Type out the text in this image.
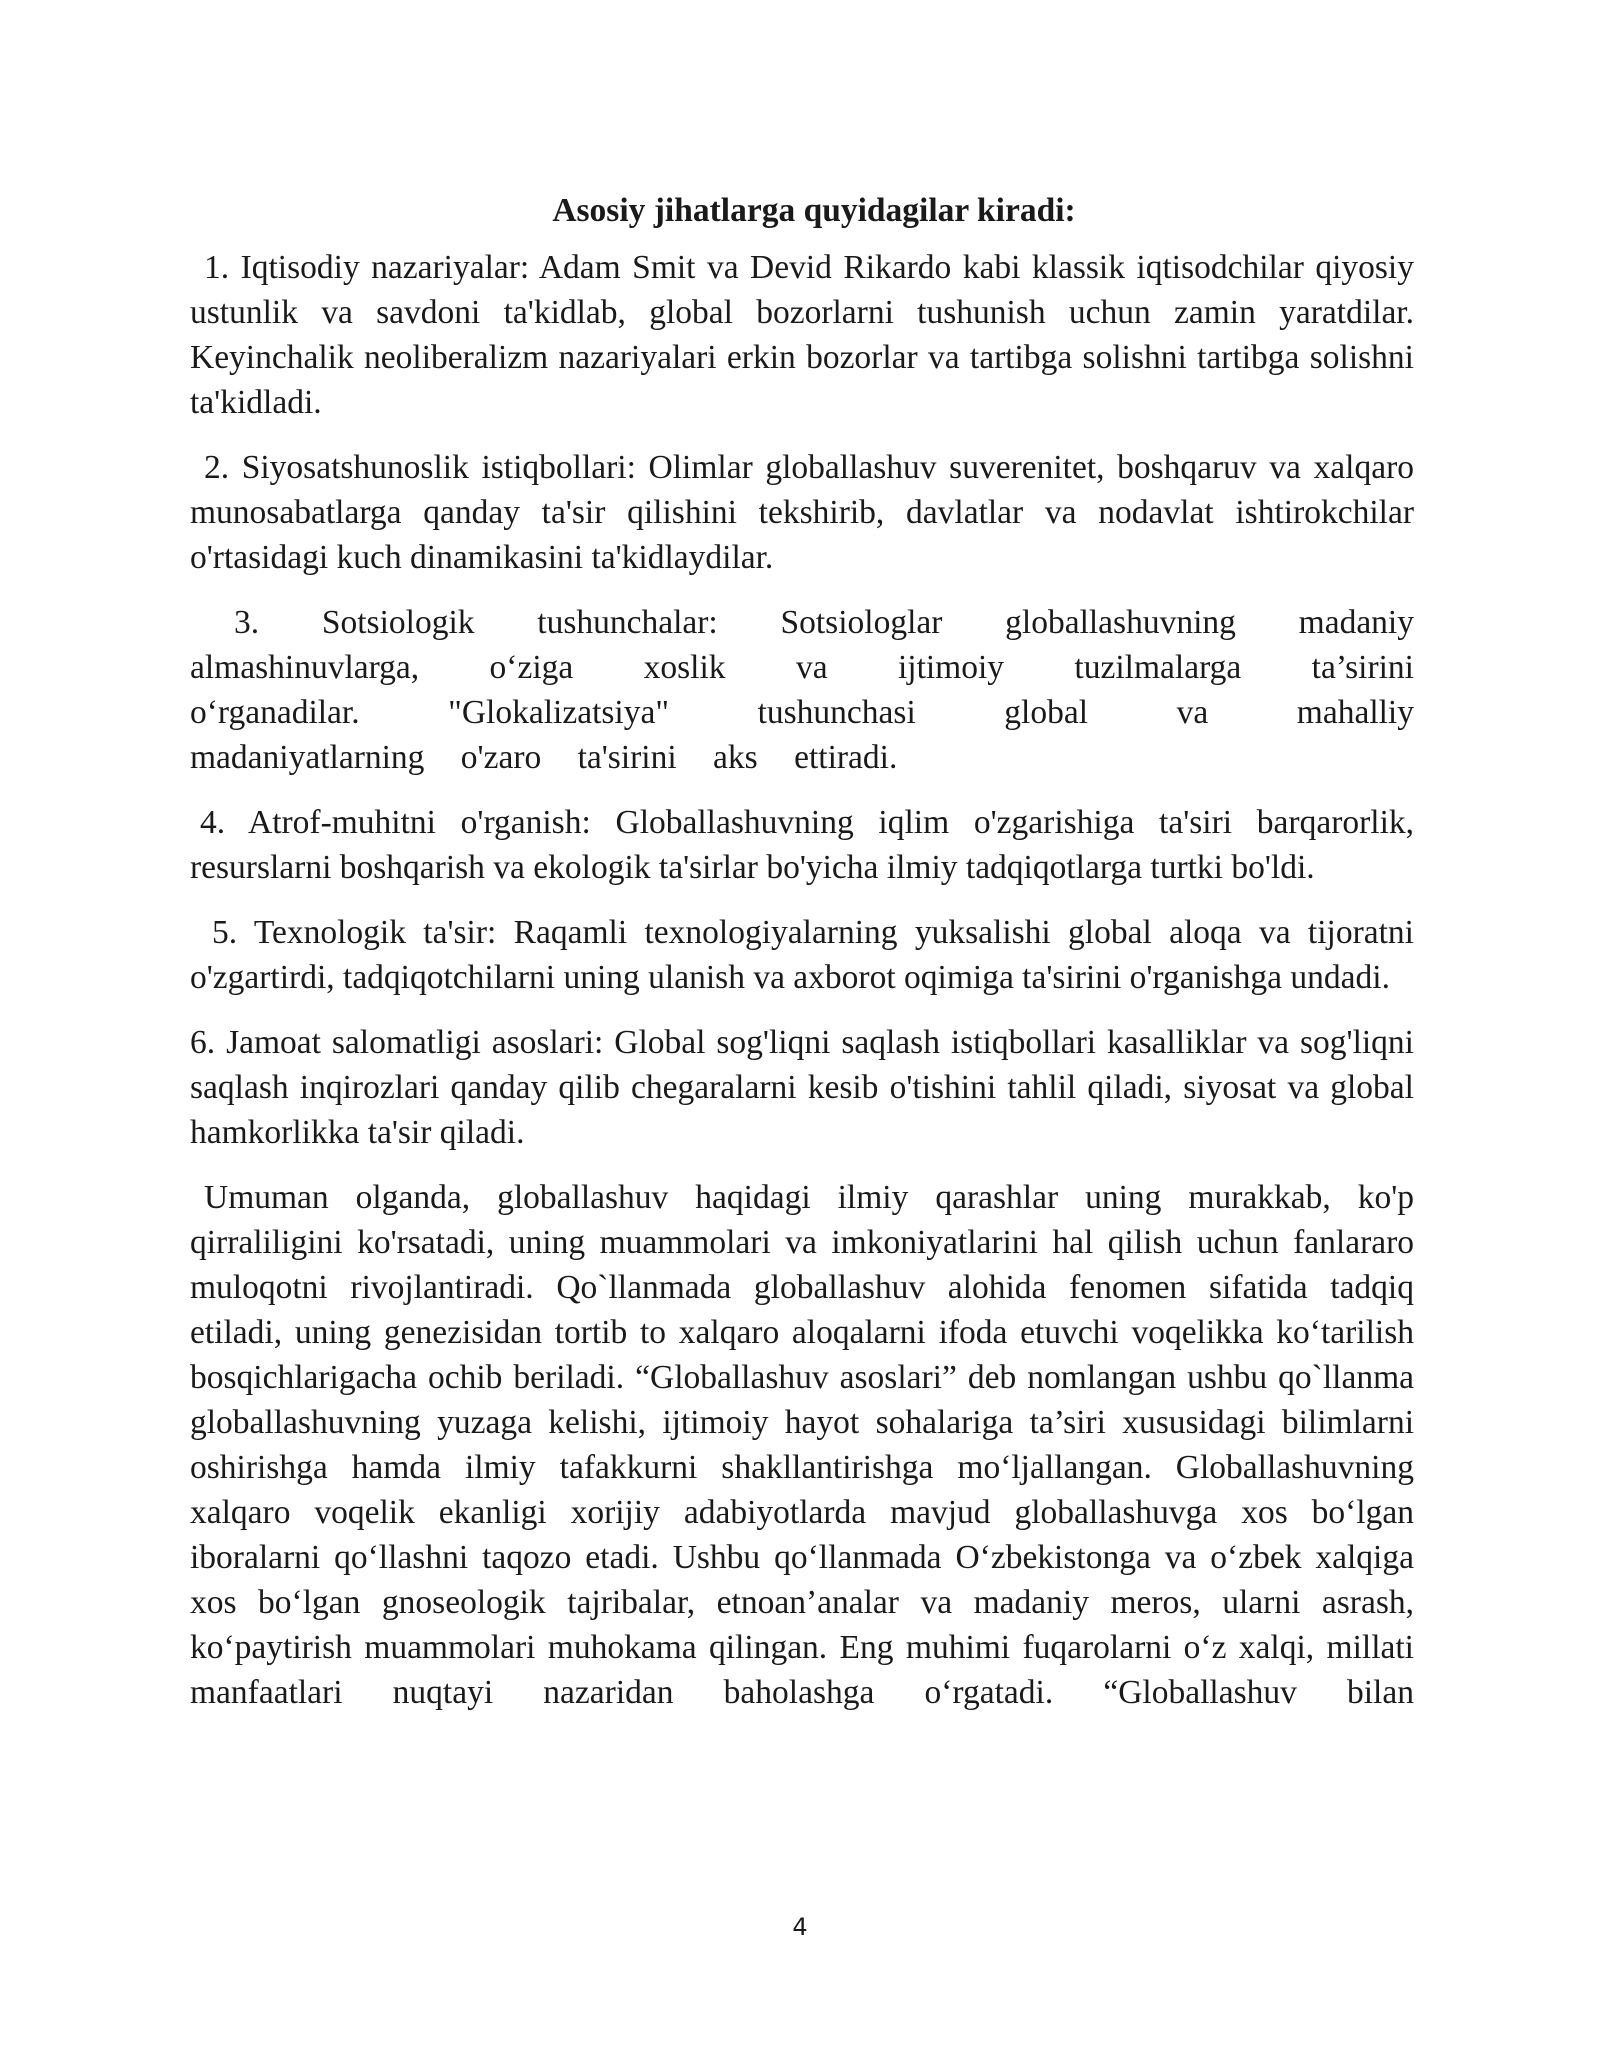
Asosiy jihatlarga quyidagilar kiradi:

1. Iqtisodiy nazariyalar: Adam Smit va Devid Rikardo kabi klassik iqtisodchilar qiyosiy ustunlik va savdoni ta'kidlab, global bozorlarni tushunish uchun zamin yaratdilar. Keyinchalik neoliberalizm nazariyalari erkin bozorlar va tartibga solishni tartibga solishni ta'kidladi.

2. Siyosatshunoslik istiqbollari: Olimlar globallashuv suverenitet, boshqaruv va xalqaro munosabatlarga qanday ta'sir qilishini tekshirib, davlatlar va nodavlat ishtirokchilar o'rtasidagi kuch dinamikasini ta'kidlaydilar.

3. Sotsiologik tushunchalar: Sotsiologlar globallashuvning madaniy almashinuvlarga, o‘ziga xoslik va ijtimoiy tuzilmalarga ta’sirini o‘rganadilar. "Glokalizatsiya" tushunchasi global va mahalliy madaniyatlarning o'zaro ta'sirini aks ettiradi.

4. Atrof-muhitni o'rganish: Globallashuvning iqlim o'zgarishiga ta'siri barqarorlik, resurslarni boshqarish va ekologik ta'sirlar bo'yicha ilmiy tadqiqotlarga turtki bo'ldi.

5. Texnologik ta'sir: Raqamli texnologiyalarning yuksalishi global aloqa va tijoratni o'zgartirdi, tadqiqotchilarni uning ulanish va axborot oqimiga ta'sirini o'rganishga undadi.

6. Jamoat salomatligi asoslari: Global sog'liqni saqlash istiqbollari kasalliklar va sog'liqni saqlash inqirozlari qanday qilib chegaralarni kesib o'tishini tahlil qiladi, siyosat va global hamkorlikka ta'sir qiladi.

Umuman olganda, globallashuv haqidagi ilmiy qarashlar uning murakkab, ko'p qirraliligini ko'rsatadi, uning muammolari va imkoniyatlarini hal qilish uchun fanlararo muloqotni rivojlantiradi. Qo`llanmada globallashuv alohida fenomen sifatida tadqiq etiladi, uning genezisidan tortib to xalqaro aloqalarni ifoda etuvchi voqelikka ko‘tarilish bosqichlarigacha ochib beriladi. “Globallashuv asoslari” deb nomlangan ushbu qo`llanma globallashuvning yuzaga kelishi, ijtimoiy hayot sohalariga ta’siri xususidagi bilimlarni oshirishga hamda ilmiy tafakkurni shakllantirishga mo‘ljallangan. Globallashuvning xalqaro voqelik ekanligi xorijiy adabiyotlarda mavjud globallashuvga xos bo‘lgan iboralarni qo‘llashni taqozo etadi. Ushbu qo‘llanmada O‘zbekistonga va o‘zbek xalqiga xos bo‘lgan gnoseologik tajribalar, etnoan’analar va madaniy meros, ularni asrash, ko‘paytirish muammolari muhokama qilingan. Eng muhimi fuqarolarni o‘z xalqi, millati manfaatlari nuqtayi nazaridan baholashga o‘rgatadi. “Globallashuv bilan

4
